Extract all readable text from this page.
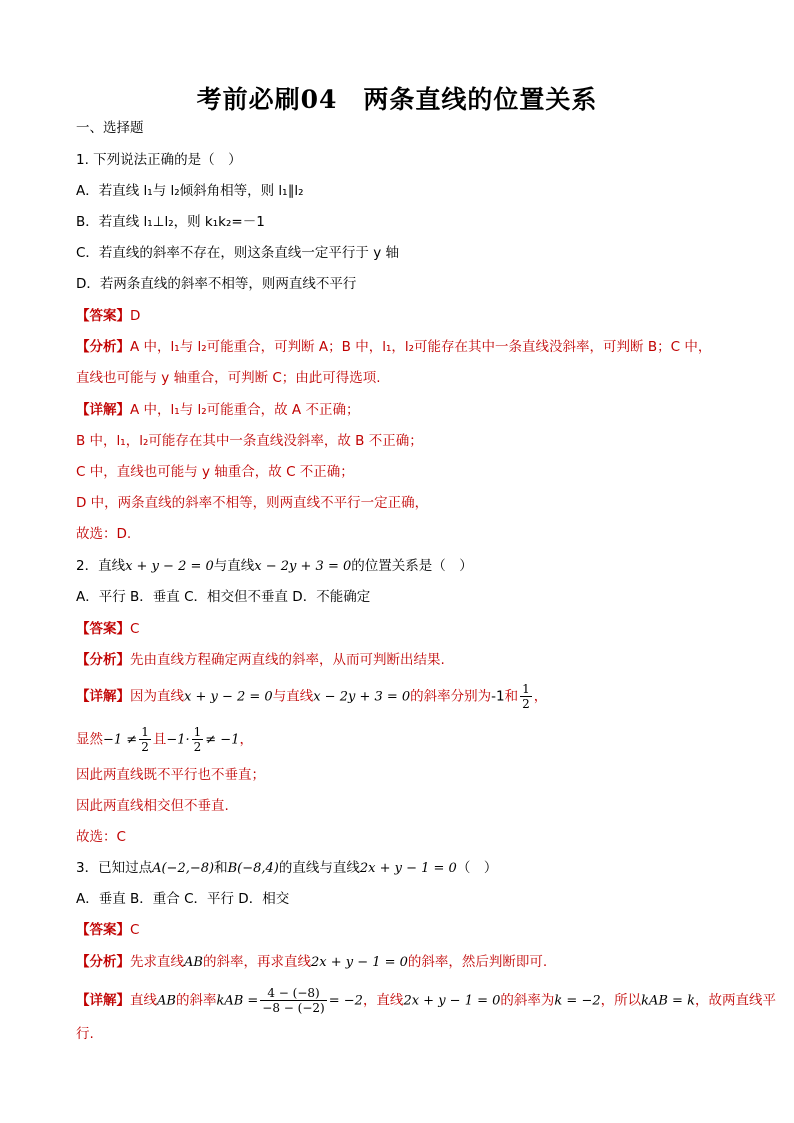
考前必刷04　两条直线的位置关系
一、选择题
1. 下列说法正确的是（　）
A．若直线 l₁与 l₂倾斜角相等，则 l₁∥l₂
B．若直线 l₁⊥l₂，则 k₁k₂=－1
C．若直线的斜率不存在，则这条直线一定平行于 y 轴
D．若两条直线的斜率不相等，则两直线不平行
【答案】D
【分析】A 中，l₁与 l₂可能重合，可判断 A；B 中，l₁，l₂可能存在其中一条直线没斜率，可判断 B；C 中，
直线也可能与 y 轴重合，可判断 C；由此可得选项.
【详解】A 中，l₁与 l₂可能重合，故 A 不正确；
B 中，l₁，l₂可能存在其中一条直线没斜率，故 B 不正确；
C 中，直线也可能与 y 轴重合，故 C 不正确；
D 中，两条直线的斜率不相等，则两直线不平行一定正确，
故选：D.
2．直线x + y − 2 = 0与直线x − 2y + 3 = 0的位置关系是（　）
A．平行 B．垂直 C．相交但不垂直 D．不能确定
【答案】C
【分析】先由直线方程确定两直线的斜率，从而可判断出结果.
【详解】因为直线x + y − 2 = 0与直线x − 2y + 3 = 0的斜率分别为-1和 $\frac{1}{2}$ ，
显然$-1 \ne \frac{1}{2}$ 且$-1\cdot \frac{1}{2} \ne -1$，
因此两直线既不平行也不垂直；
因此两直线相交但不垂直.
故选：C
3．已知过点A(−2,−8)和B(−8,4)的直线与直线2x + y − 1 = 0（　）
A．垂直 B．重合 C．平行 D．相交
【答案】C
【分析】先求直线AB的斜率，再求直线2x + y − 1 = 0的斜率，然后判断即可.
【详解】直线AB的斜率kAB = $\frac{4 - (-8)}{-8 - (-2)} = -2$，直线2x + y − 1 = 0的斜率为k = −2，所以kAB = k，故两直线平
行.
